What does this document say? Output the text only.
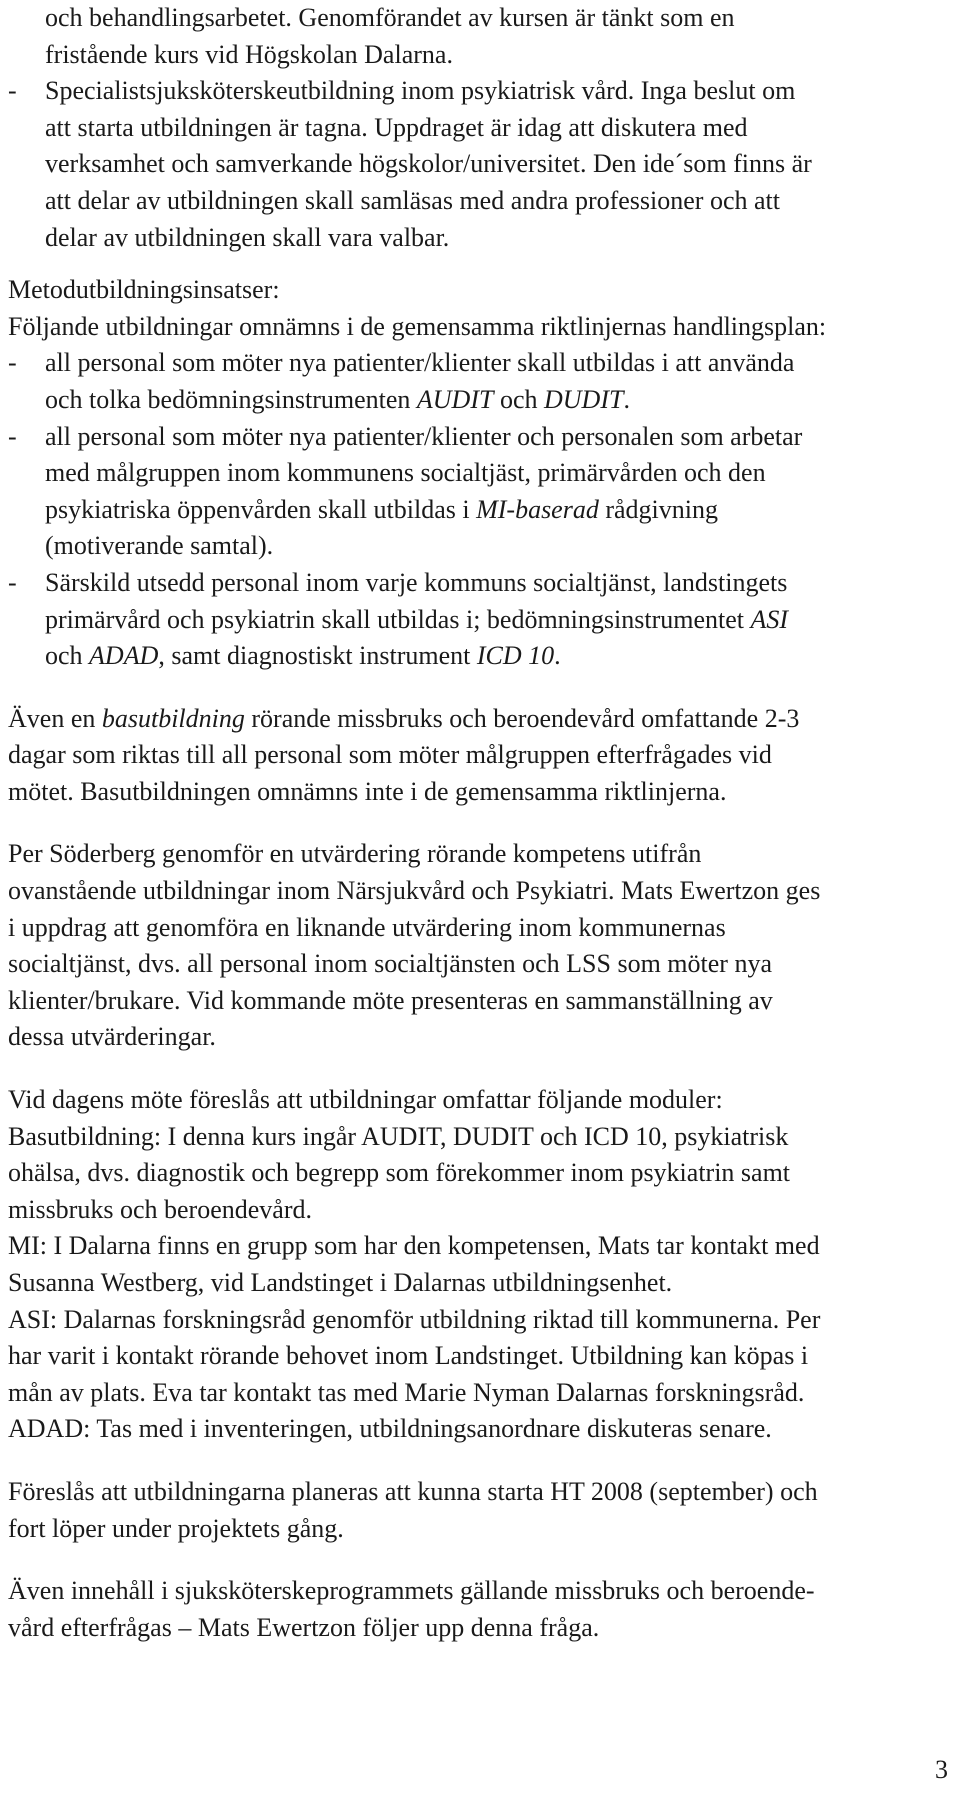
och behandlingsarbetet. Genomförandet av kursen är tänkt som en
fristående kurs vid Högskolan Dalarna.
- Specialistsjuksköterskeutbildning inom psykiatrisk vård. Inga beslut om
att starta utbildningen är tagna. Uppdraget är idag att diskutera med
verksamhet och samverkande högskolor/universitet. Den ide´som finns är
att delar av utbildningen skall samläsas med andra professioner och att
delar av utbildningen skall vara valbar.
Metodutbildningsinsatser:
Följande utbildningar omnämns i de gemensamma riktlinjernas handlingsplan:
- all personal som möter nya patienter/klienter skall utbildas i att använda
och tolka bedömningsinstrumenten AUDIT och DUDIT.
- all personal som möter nya patienter/klienter och personalen som arbetar
med målgruppen inom kommunens socialtjäst, primärvården och den
psykiatriska öppenvården skall utbildas i MI-baserad rådgivning
(motiverande samtal).
- Särskild utsedd personal inom varje kommuns socialtjänst, landstingets
primärvård och psykiatrin skall utbildas i; bedömningsinstrumentet ASI
och ADAD, samt diagnostiskt instrument ICD 10.
Även en basutbildning rörande missbruks och beroendevård omfattande 2-3
dagar som riktas till all personal som möter målgruppen efterfrågades vid
mötet. Basutbildningen omnämns inte i de gemensamma riktlinjerna.
Per Söderberg genomför en utvärdering rörande kompetens utifrån
ovanstående utbildningar inom Närsjukvård och Psykiatri. Mats Ewertzon ges
i uppdrag att genomföra en liknande utvärdering inom kommunernas
socialtjänst, dvs. all personal inom socialtjänsten och LSS som möter nya
klienter/brukare. Vid kommande möte presenteras en sammanställning av
dessa utvärderingar.
Vid dagens möte föreslås att utbildningar omfattar följande moduler:
Basutbildning: I denna kurs ingår AUDIT, DUDIT och ICD 10, psykiatrisk
ohälsa, dvs. diagnostik och begrepp som förekommer inom psykiatrin samt
missbruks och beroendevård.
MI: I Dalarna finns en grupp som har den kompetensen, Mats tar kontakt med
Susanna Westberg, vid Landstinget i Dalarnas utbildningsenhet.
ASI: Dalarnas forskningsråd genomför utbildning riktad till kommunerna. Per
har varit i kontakt rörande behovet inom Landstinget. Utbildning kan köpas i
mån av plats. Eva tar kontakt tas med Marie Nyman Dalarnas forskningsråd.
ADAD: Tas med i inventeringen, utbildningsanordnare diskuteras senare.
Föreslås att utbildningarna planeras att kunna starta HT 2008 (september) och
fort löper under projektets gång.
Även innehåll i sjuksköterskeprogrammets gällande missbruks och beroende-
vård efterfrågas – Mats Ewertzon följer upp denna fråga.
3
